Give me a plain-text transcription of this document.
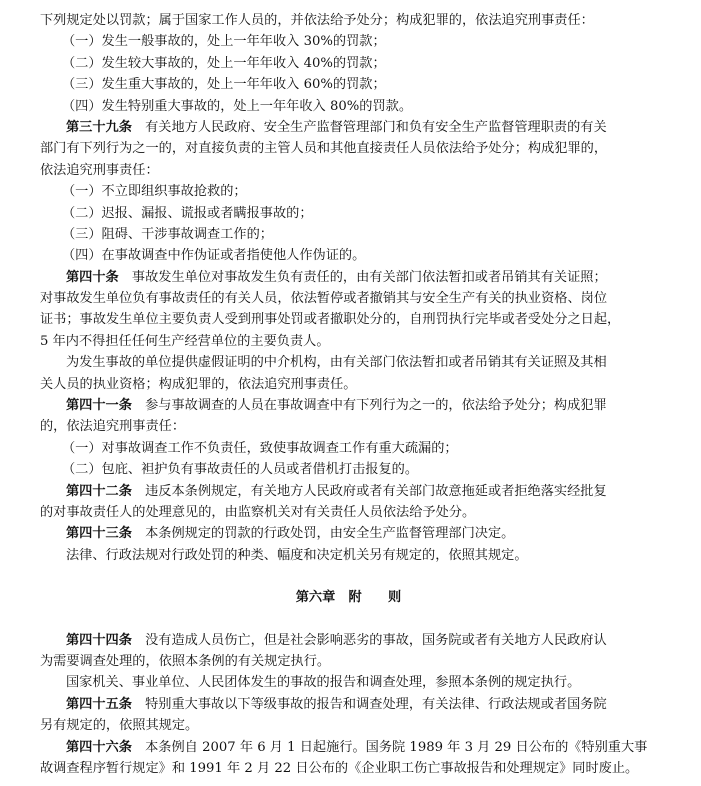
下列规定处以罚款；属于国家工作人员的，并依法给予处分；构成犯罪的，依法追究刑事责任：
（一）发生一般事故的，处上一年年收入 30%的罚款；
（二）发生较大事故的，处上一年年收入 40%的罚款；
（三）发生重大事故的，处上一年年收入 60%的罚款；
（四）发生特别重大事故的，处上一年年收入 80%的罚款。
第三十九条　有关地方人民政府、安全生产监督管理部门和负有安全生产监督管理职责的有关
部门有下列行为之一的，对直接负责的主管人员和其他直接责任人员依法给予处分；构成犯罪的，
依法追究刑事责任：
（一）不立即组织事故抢救的；
（二）迟报、漏报、谎报或者瞒报事故的；
（三）阻碍、干涉事故调查工作的；
（四）在事故调查中作伪证或者指使他人作伪证的。
第四十条　事故发生单位对事故发生负有责任的，由有关部门依法暂扣或者吊销其有关证照；
对事故发生单位负有事故责任的有关人员，依法暂停或者撤销其与安全生产有关的执业资格、岗位
证书；事故发生单位主要负责人受到刑事处罚或者撤职处分的，自刑罚执行完毕或者受处分之日起，
5 年内不得担任任何生产经营单位的主要负责人。
为发生事故的单位提供虚假证明的中介机构，由有关部门依法暂扣或者吊销其有关证照及其相
关人员的执业资格；构成犯罪的，依法追究刑事责任。
第四十一条　参与事故调查的人员在事故调查中有下列行为之一的，依法给予处分；构成犯罪
的，依法追究刑事责任：
（一）对事故调查工作不负责任，致使事故调查工作有重大疏漏的；
（二）包庇、袒护负有事故责任的人员或者借机打击报复的。
第四十二条　违反本条例规定，有关地方人民政府或者有关部门故意拖延或者拒绝落实经批复
的对事故责任人的处理意见的，由监察机关对有关责任人员依法给予处分。
第四十三条　本条例规定的罚款的行政处罚，由安全生产监督管理部门决定。
法律、行政法规对行政处罚的种类、幅度和决定机关另有规定的，依照其规定。
第六章　附　　则
第四十四条　没有造成人员伤亡，但是社会影响恶劣的事故，国务院或者有关地方人民政府认
为需要调查处理的，依照本条例的有关规定执行。
国家机关、事业单位、人民团体发生的事故的报告和调查处理，参照本条例的规定执行。
第四十五条　特别重大事故以下等级事故的报告和调查处理，有关法律、行政法规或者国务院
另有规定的，依照其规定。
第四十六条　本条例自 2007 年 6 月 1 日起施行。国务院 1989 年 3 月 29 日公布的《特别重大事
故调查程序暂行规定》和 1991 年 2 月 22 日公布的《企业职工伤亡事故报告和处理规定》同时废止。
